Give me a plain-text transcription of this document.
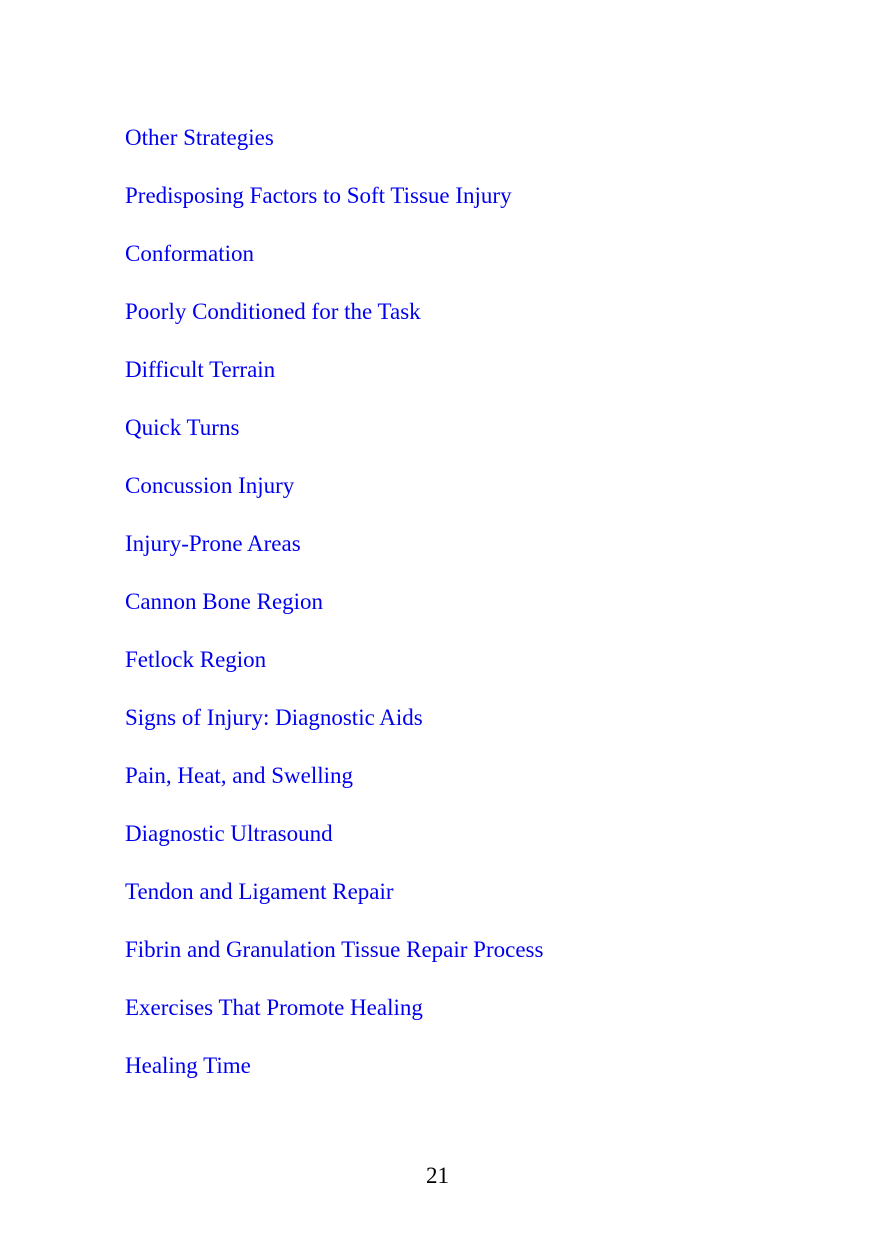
Other Strategies
Predisposing Factors to Soft Tissue Injury
Conformation
Poorly Conditioned for the Task
Difficult Terrain
Quick Turns
Concussion Injury
Injury-Prone Areas
Cannon Bone Region
Fetlock Region
Signs of Injury: Diagnostic Aids
Pain, Heat, and Swelling
Diagnostic Ultrasound
Tendon and Ligament Repair
Fibrin and Granulation Tissue Repair Process
Exercises That Promote Healing
Healing Time
21
